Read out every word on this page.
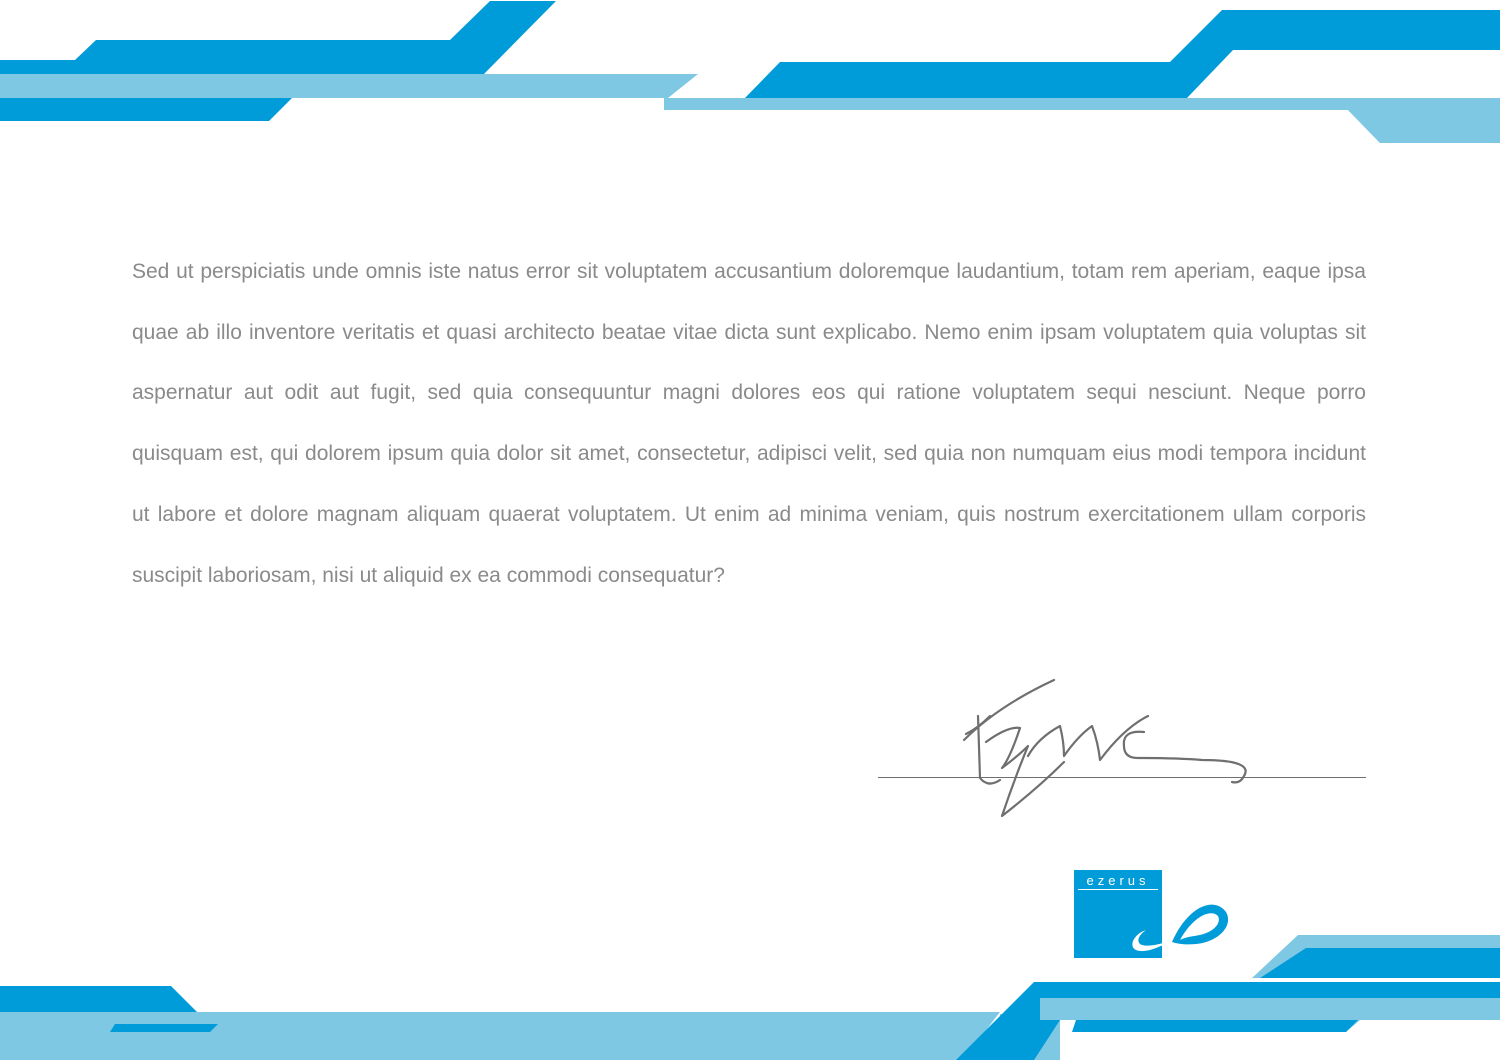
Sed ut perspiciatis unde omnis iste natus error sit voluptatem accusantium doloremque laudantium, totam rem aperiam, eaque ipsa quae ab illo inventore veritatis et quasi architecto beatae vitae dicta sunt explicabo. Nemo enim ipsam voluptatem quia voluptas sit aspernatur aut odit aut fugit, sed quia consequuntur magni dolores eos qui ratione voluptatem sequi nesciunt. Neque porro quisquam est, qui dolorem ipsum quia dolor sit amet, consectetur, adipisci velit, sed quia non numquam eius modi tempora incidunt ut labore et dolore magnam aliquam quaerat voluptatem. Ut enim ad minima veniam, quis nostrum exercitationem ullam corporis suscipit laboriosam, nisi ut aliquid ex ea commodi consequatur?

ezerus
